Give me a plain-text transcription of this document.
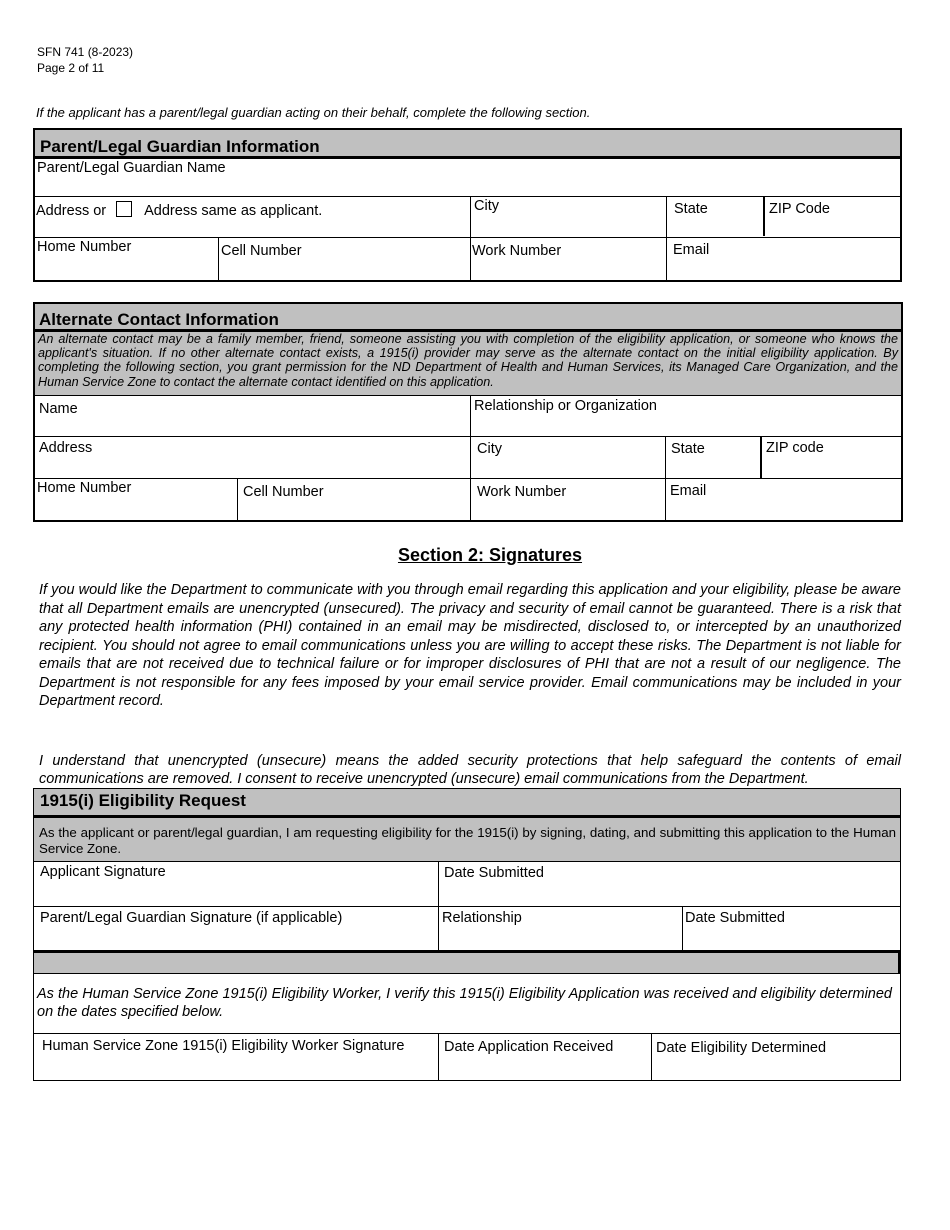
SFN 741 (8-2023)
Page 2 of 11
If the applicant has a parent/legal guardian acting on their behalf, complete the following section.
Parent/Legal Guardian Information
Parent/Legal Guardian Name
Address or	Address same as applicant.	City	State	ZIP Code
Home Number	Cell Number	Work Number	Email
Alternate Contact Information
An alternate contact may be a family member, friend, someone assisting you with completion of the eligibility application, or someone who knows the applicant's situation. If no other alternate contact exists, a 1915(i) provider may serve as the alternate contact on the initial eligibility application. By completing the following section, you grant permission for the ND Department of Health and Human Services, its Managed Care Organization, and the Human Service Zone to contact the alternate contact identified on this application.
Name	Relationship or Organization
Address	City	State	ZIP code
Home Number	Cell Number	Work Number	Email
Section 2: Signatures
If you would like the Department to communicate with you through email regarding this application and your eligibility, please be aware that all Department emails are unencrypted (unsecured). The privacy and security of email cannot be guaranteed. There is a risk that any protected health information (PHI) contained in an email may be misdirected, disclosed to, or intercepted by an unauthorized recipient. You should not agree to email communications unless you are willing to accept these risks. The Department is not liable for emails that are not received due to technical failure or for improper disclosures of PHI that are not a result of our negligence. The Department is not responsible for any fees imposed by your email service provider. Email communications may be included in your Department record.
I understand that unencrypted (unsecure) means the added security protections that help safeguard the contents of email communications are removed. I consent to receive unencrypted (unsecure) email communications from the Department.
1915(i) Eligibility Request
As the applicant or parent/legal guardian, I am requesting eligibility for the 1915(i) by signing, dating, and submitting this application to the Human Service Zone.
Applicant Signature	Date Submitted
Parent/Legal Guardian Signature (if applicable)	Relationship	Date Submitted
As the Human Service Zone 1915(i) Eligibility Worker, I verify this 1915(i) Eligibility Application was received and eligibility determined on the dates specified below.
Human Service Zone 1915(i) Eligibility Worker Signature	Date Application Received	Date Eligibility Determined
